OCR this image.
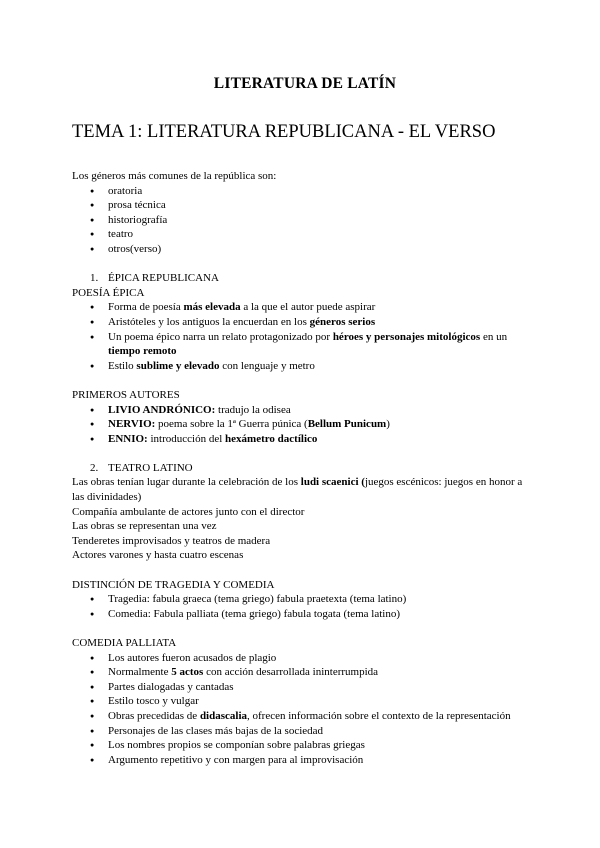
LITERATURA DE LATÍN
TEMA 1: LITERATURA REPUBLICANA - EL VERSO
Los géneros más comunes de la república son:
● oratoria
● prosa técnica
● historiografía
● teatro
● otros(verso)
1. ÉPICA REPUBLICANA
POESÍA ÉPICA
● Forma de poesía más elevada a la que el autor puede aspirar
● Aristóteles y los antiguos la encuerdan en los géneros serios
● Un poema épico narra un relato protagonizado por héroes y personajes mitológicos en un tiempo remoto
● Estilo sublime y elevado con lenguaje y metro
PRIMEROS AUTORES
● LIVIO ANDRÓNICO: tradujo la odisea
● NERVIO: poema sobre la 1ª Guerra púnica (Bellum Punicum)
● ENNIO: introducción del hexámetro dactílico
2. TEATRO LATINO
Las obras tenían lugar durante la celebración de los ludi scaenici (juegos escénicos: juegos en honor a las divinidades)
Compañía ambulante de actores junto con el director
Las obras se representan una vez
Tenderetes improvisados y teatros de madera
Actores varones y hasta cuatro escenas
DISTINCIÓN DE TRAGEDIA Y COMEDIA
● Tragedia: fabula graeca (tema griego) fabula praetexta (tema latino)
● Comedia: Fabula palliata (tema griego) fabula togata (tema latino)
COMEDIA PALLIATA
● Los autores fueron acusados de plagio
● Normalmente 5 actos con acción desarrollada ininterrumpida
● Partes dialogadas y cantadas
● Estilo tosco y vulgar
● Obras precedidas de didascalia, ofrecen información sobre el contexto de la representación
● Personajes de las clases más bajas de la sociedad
● Los nombres propios se componían sobre palabras griegas
● Argumento repetitivo y con margen para al improvisación
